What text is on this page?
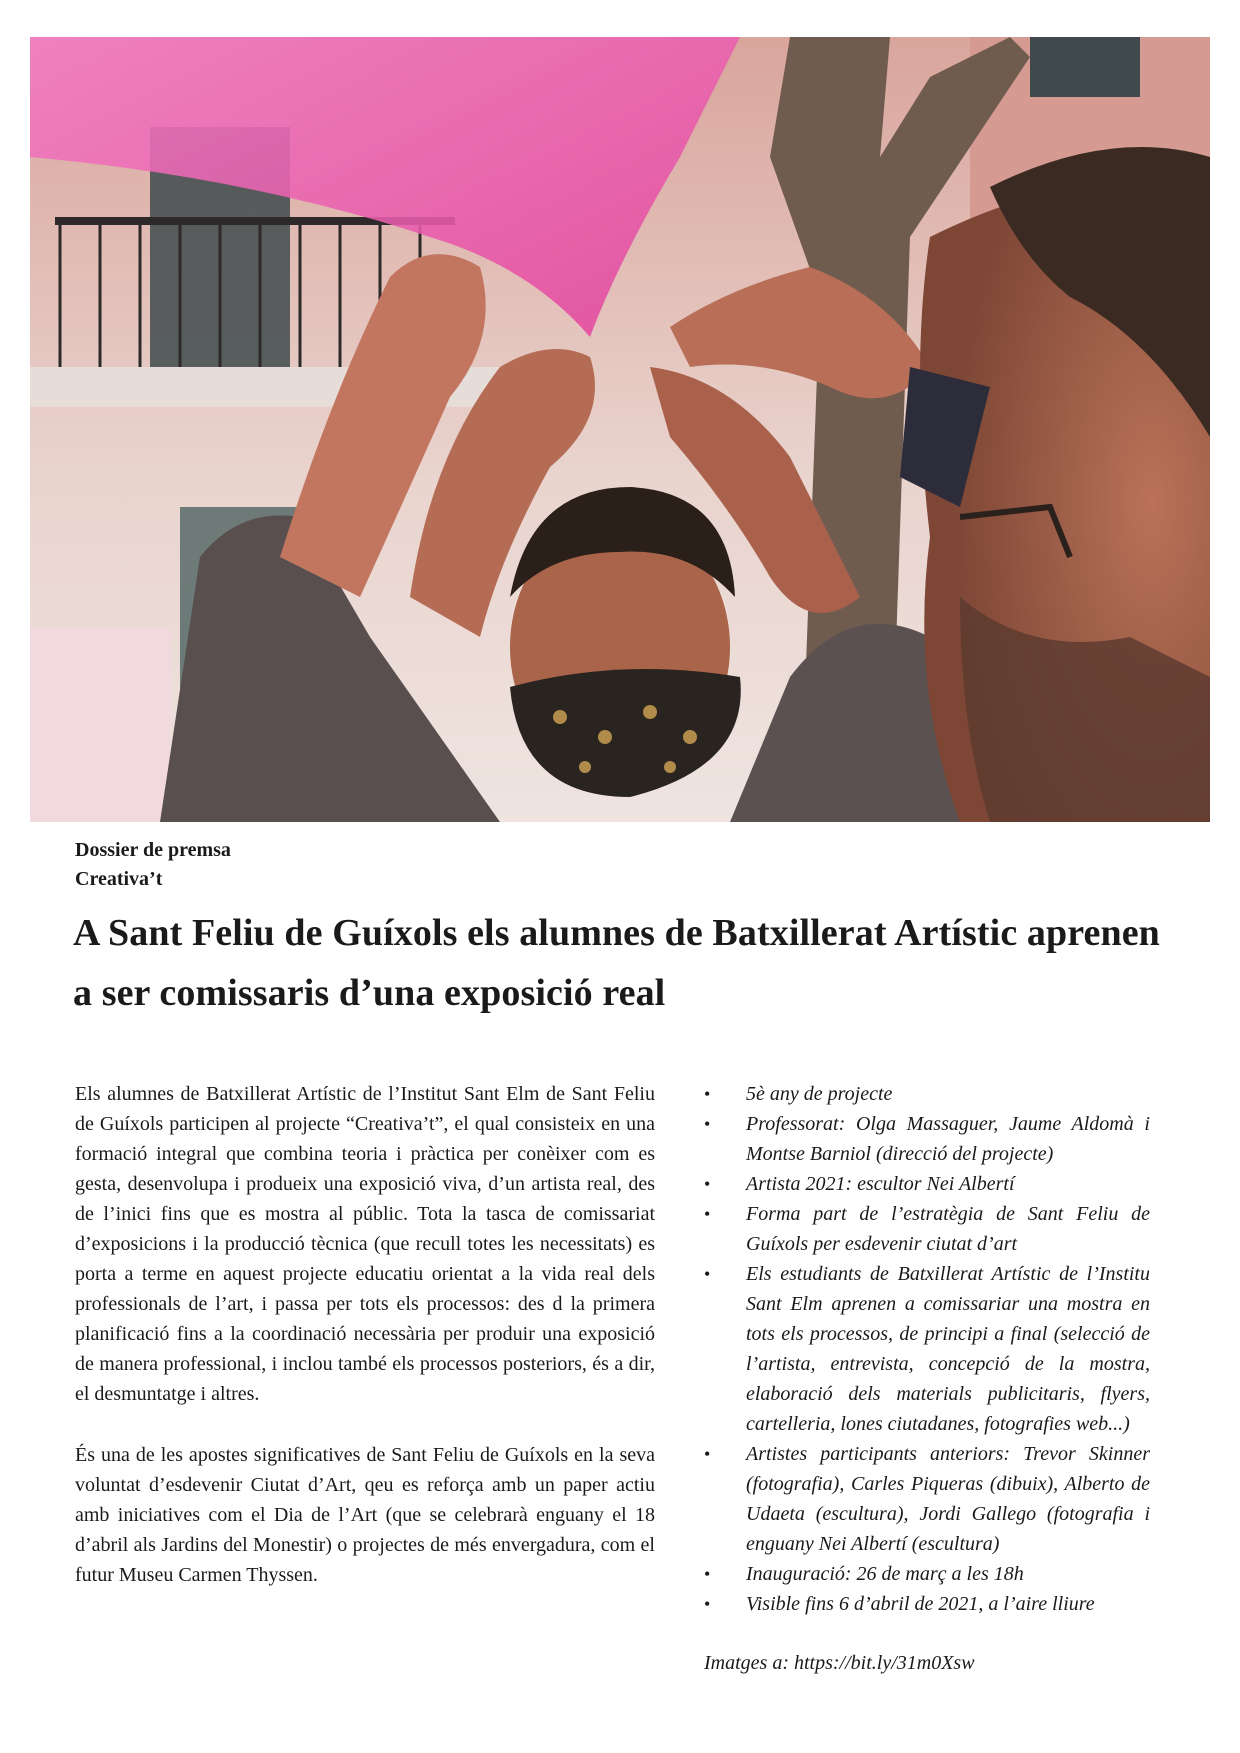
Dossier de premsa
Creativa’t
A Sant Feliu de Guíxols els alumnes de Batxillerat Artístic aprenen a ser comissaris d’una exposició real

Els alumnes de Batxillerat Artístic de l’Institut Sant Elm de Sant Feliu de Guíxols participen al projecte “Creativa’t”, el qual consisteix en una formació integral que combina teoria i pràctica per conèixer com es gesta, desenvolupa i produeix una exposició viva, d’un artista real, des de l’inici fins que es mostra al públic. Tota la tasca de comissariat d’exposicions i la producció tècnica (que recull totes les necessitats) es porta a terme en aquest projecte educatiu orientat a la vida real dels professionals de l’art, i passa per tots els processos: des d la primera planificació fins a la coordinació necessària per produir una exposició de manera professional, i inclou també els processos posteriors, és a dir, el desmuntatge i altres.

És una de les apostes significatives de Sant Feliu de Guíxols en la seva voluntat d’esdevenir Ciutat d’Art, qeu es reforça amb un paper actiu amb iniciatives com el Dia de l’Art (que se celebrarà enguany el 18 d’abril als Jardins del Monestir) o projectes de més envergadura, com el futur Museu Carmen Thyssen.

• 5è any de projecte
• Professorat: Olga Massaguer, Jaume Aldomà i Montse Barniol (direcció del projecte)
• Artista 2021: escultor Nei Albertí
• Forma part de l’estratègia de Sant Feliu de Guíxols per esdevenir ciutat d’art
• Els estudiants de Batxillerat Artístic de l’Institu Sant Elm aprenen a comissariar una mostra en tots els processos, de principi a final (selecció de l’artista, entrevista, concepció de la mostra, elaboració dels materials publicitaris, flyers, cartelleria, lones ciutadanes, fotografies web...)
• Artistes participants anteriors: Trevor Skinner (fotografia), Carles Piqueras (dibuix), Alberto de Udaeta (escultura), Jordi Gallego (fotografia i enguany Nei Albertí (escultura)
• Inauguració: 26 de març a les 18h
• Visible fins 6 d’abril de 2021, a l’aire lliure
Imatges a: https://bit.ly/31m0Xsw
